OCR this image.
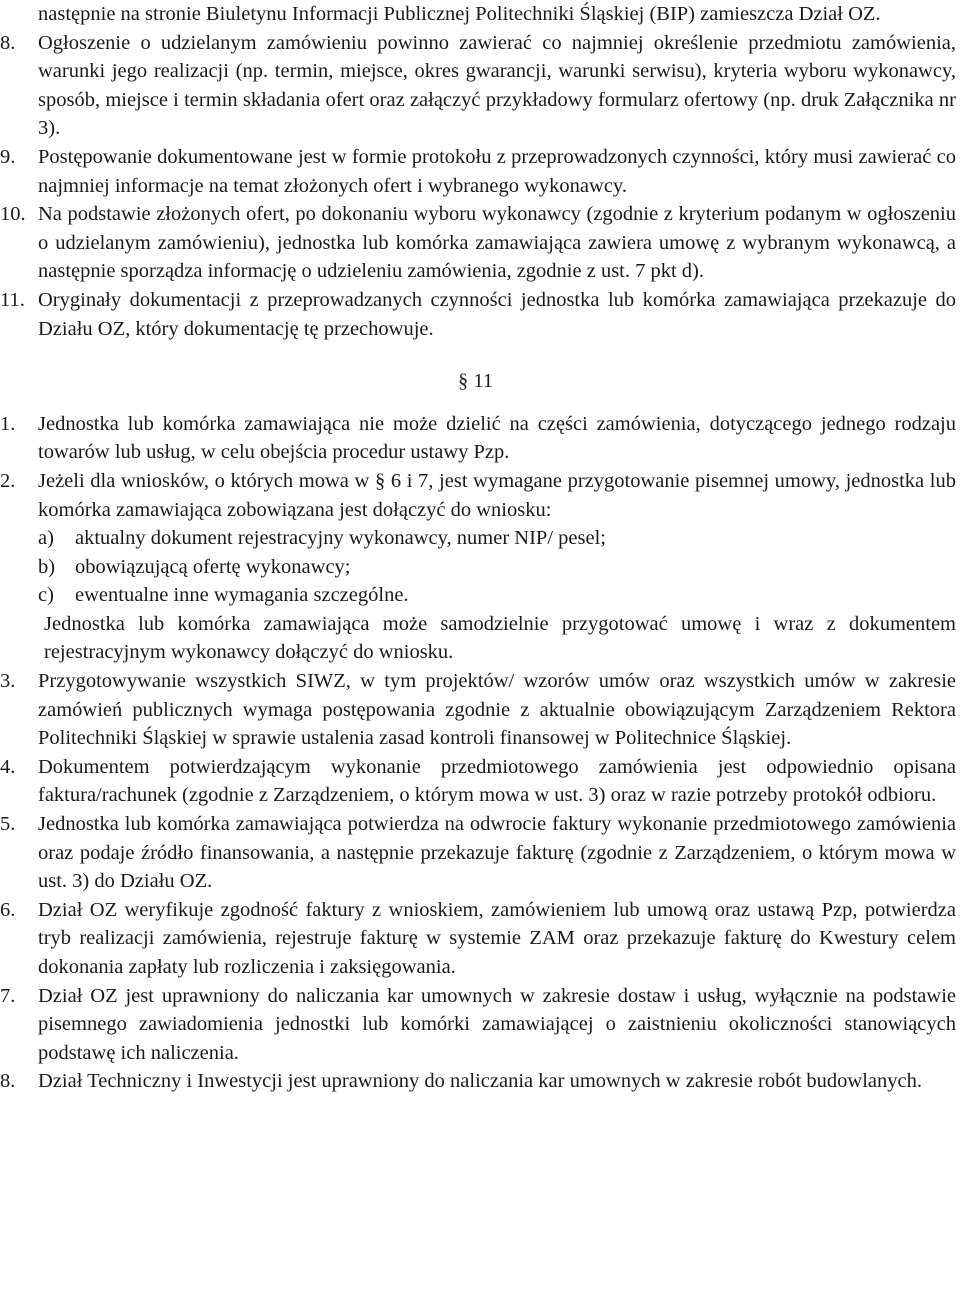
następnie na stronie Biuletynu Informacji Publicznej Politechniki Śląskiej (BIP) zamieszcza Dział OZ.
8.	Ogłoszenie o udzielanym zamówieniu powinno zawierać co najmniej określenie przedmiotu zamówienia, warunki jego realizacji (np. termin, miejsce, okres gwarancji, warunki serwisu), kryteria wyboru wykonawcy, sposób, miejsce i termin składania ofert oraz załączyć przykładowy formularz ofertowy (np. druk Załącznika nr 3).
9.	Postępowanie dokumentowane jest w formie protokołu z przeprowadzonych czynności, który musi zawierać co najmniej informacje na temat złożonych ofert i wybranego wykonawcy.
10. Na podstawie złożonych ofert, po dokonaniu wyboru wykonawcy (zgodnie z kryterium podanym w ogłoszeniu o udzielanym zamówieniu), jednostka lub komórka zamawiająca zawiera umowę z wybranym wykonawcą, a następnie sporządza informację o udzieleniu zamówienia, zgodnie z ust. 7 pkt d).
11. Oryginały dokumentacji z przeprowadzanych czynności jednostka lub komórka zamawiająca przekazuje do Działu OZ, który dokumentację tę przechowuje.
§ 11
1.	Jednostka lub komórka zamawiająca nie może dzielić na części zamówienia, dotyczącego jednego rodzaju towarów lub usług, w celu obejścia procedur ustawy Pzp.
2.	Jeżeli dla wniosków, o których mowa w § 6 i 7, jest wymagane przygotowanie pisemnej umowy, jednostka lub komórka zamawiająca zobowiązana jest dołączyć do wniosku:
a)	aktualny dokument rejestracyjny wykonawcy, numer NIP/ pesel;
b) obowiązującą ofertę wykonawcy;
c)	ewentualne inne wymagania szczególne.
Jednostka lub komórka zamawiająca może samodzielnie przygotować umowę i wraz z dokumentem rejestracyjnym wykonawcy dołączyć do wniosku.
3.	Przygotowywanie wszystkich SIWZ, w tym projektów/ wzorów umów oraz wszystkich umów w zakresie zamówień publicznych wymaga postępowania zgodnie z aktualnie obowiązującym Zarządzeniem Rektora Politechniki Śląskiej w sprawie ustalenia zasad kontroli finansowej w Politechnice Śląskiej.
4.	Dokumentem potwierdzającym wykonanie przedmiotowego zamówienia jest odpowiednio opisana faktura/rachunek (zgodnie z Zarządzeniem, o którym mowa w ust. 3) oraz w razie potrzeby protokół odbioru.
5.	Jednostka lub komórka zamawiająca potwierdza na odwrocie faktury wykonanie przedmiotowego zamówienia oraz podaje źródło finansowania, a następnie przekazuje fakturę (zgodnie z Zarządzeniem, o którym mowa w ust. 3) do Działu OZ.
6.	Dział OZ weryfikuje zgodność faktury z wnioskiem, zamówieniem lub umową oraz ustawą Pzp, potwierdza tryb realizacji zamówienia, rejestruje fakturę w systemie ZAM oraz przekazuje fakturę do Kwestury celem dokonania zapłaty lub rozliczenia i zaksięgowania.
7.	Dział OZ jest uprawniony do naliczania kar umownych w zakresie dostaw i usług, wyłącznie na podstawie pisemnego zawiadomienia jednostki lub komórki zamawiającej o zaistnieniu okoliczności stanowiących podstawę ich naliczenia.
8.	Dział Techniczny i Inwestycji jest uprawniony do naliczania kar umownych w zakresie robót budowlanych.
